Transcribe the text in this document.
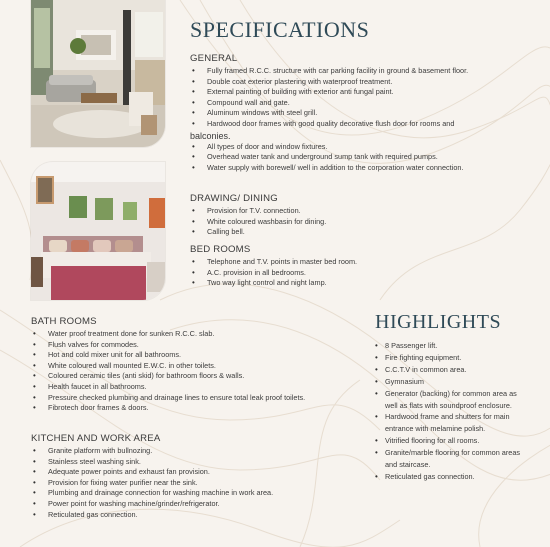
SPECIFICATIONS
GENERAL
• Fully framed R.C.C. structure with car parking facility in ground & basement floor.
• Double coat exterior plastering with waterproof treatment.
• External painting of building with exterior anti fungal paint.
• Compound wall and gate.
• Aluminum windows with steel grill.
• Hardwood door frames with good quality decorative flush door for rooms and
balconies.
• All types of door and window fixtures.
• Overhead water tank and underground sump tank with required pumps.
• Water supply with borewell/ well in addition to the corporation water connection.
DRAWING/ DINING
• Provision for T.V. connection.
• White coloured washbasin for dining.
• Calling bell.
BED ROOMS
• Telephone and T.V. points in master bed room.
• A.C. provision in all bedrooms.
• Two way light control and night lamp.
BATH ROOMS
• Water proof treatment done for sunken R.C.C. slab.
• Flush valves for commodes.
• Hot and cold mixer unit for all bathrooms.
• White coloured wall mounted E.W.C. in other toilets.
• Coloured ceramic tiles (anti skid) for bathroom floors & walls.
• Health faucet in all bathrooms.
• Pressure checked plumbing and drainage lines to ensure total leak proof toilets.
• Fibrotech door frames & doors.
KITCHEN AND WORK AREA
• Granite platform with bullnozing.
• Stainless steel washing sink.
• Adequate power points and exhaust fan provision.
• Provision for fixing water purifier near the sink.
• Plumbing and drainage connection for washing machine in work area.
• Power point for washing machine/grinder/refrigerator.
• Reticulated gas connection.
HIGHLIGHTS
• 8 Passenger lift.
• Fire fighting equipment.
• C.C.T.V in common area.
• Gymnasium
• Generator (backing) for common area as well as flats with soundproof enclosure.
• Hardwood frame and shutters for main entrance with melamine polish.
• Vitrified flooring for all rooms.
• Granite/marble flooring for common areas and staircase.
• Reticulated gas connection.
